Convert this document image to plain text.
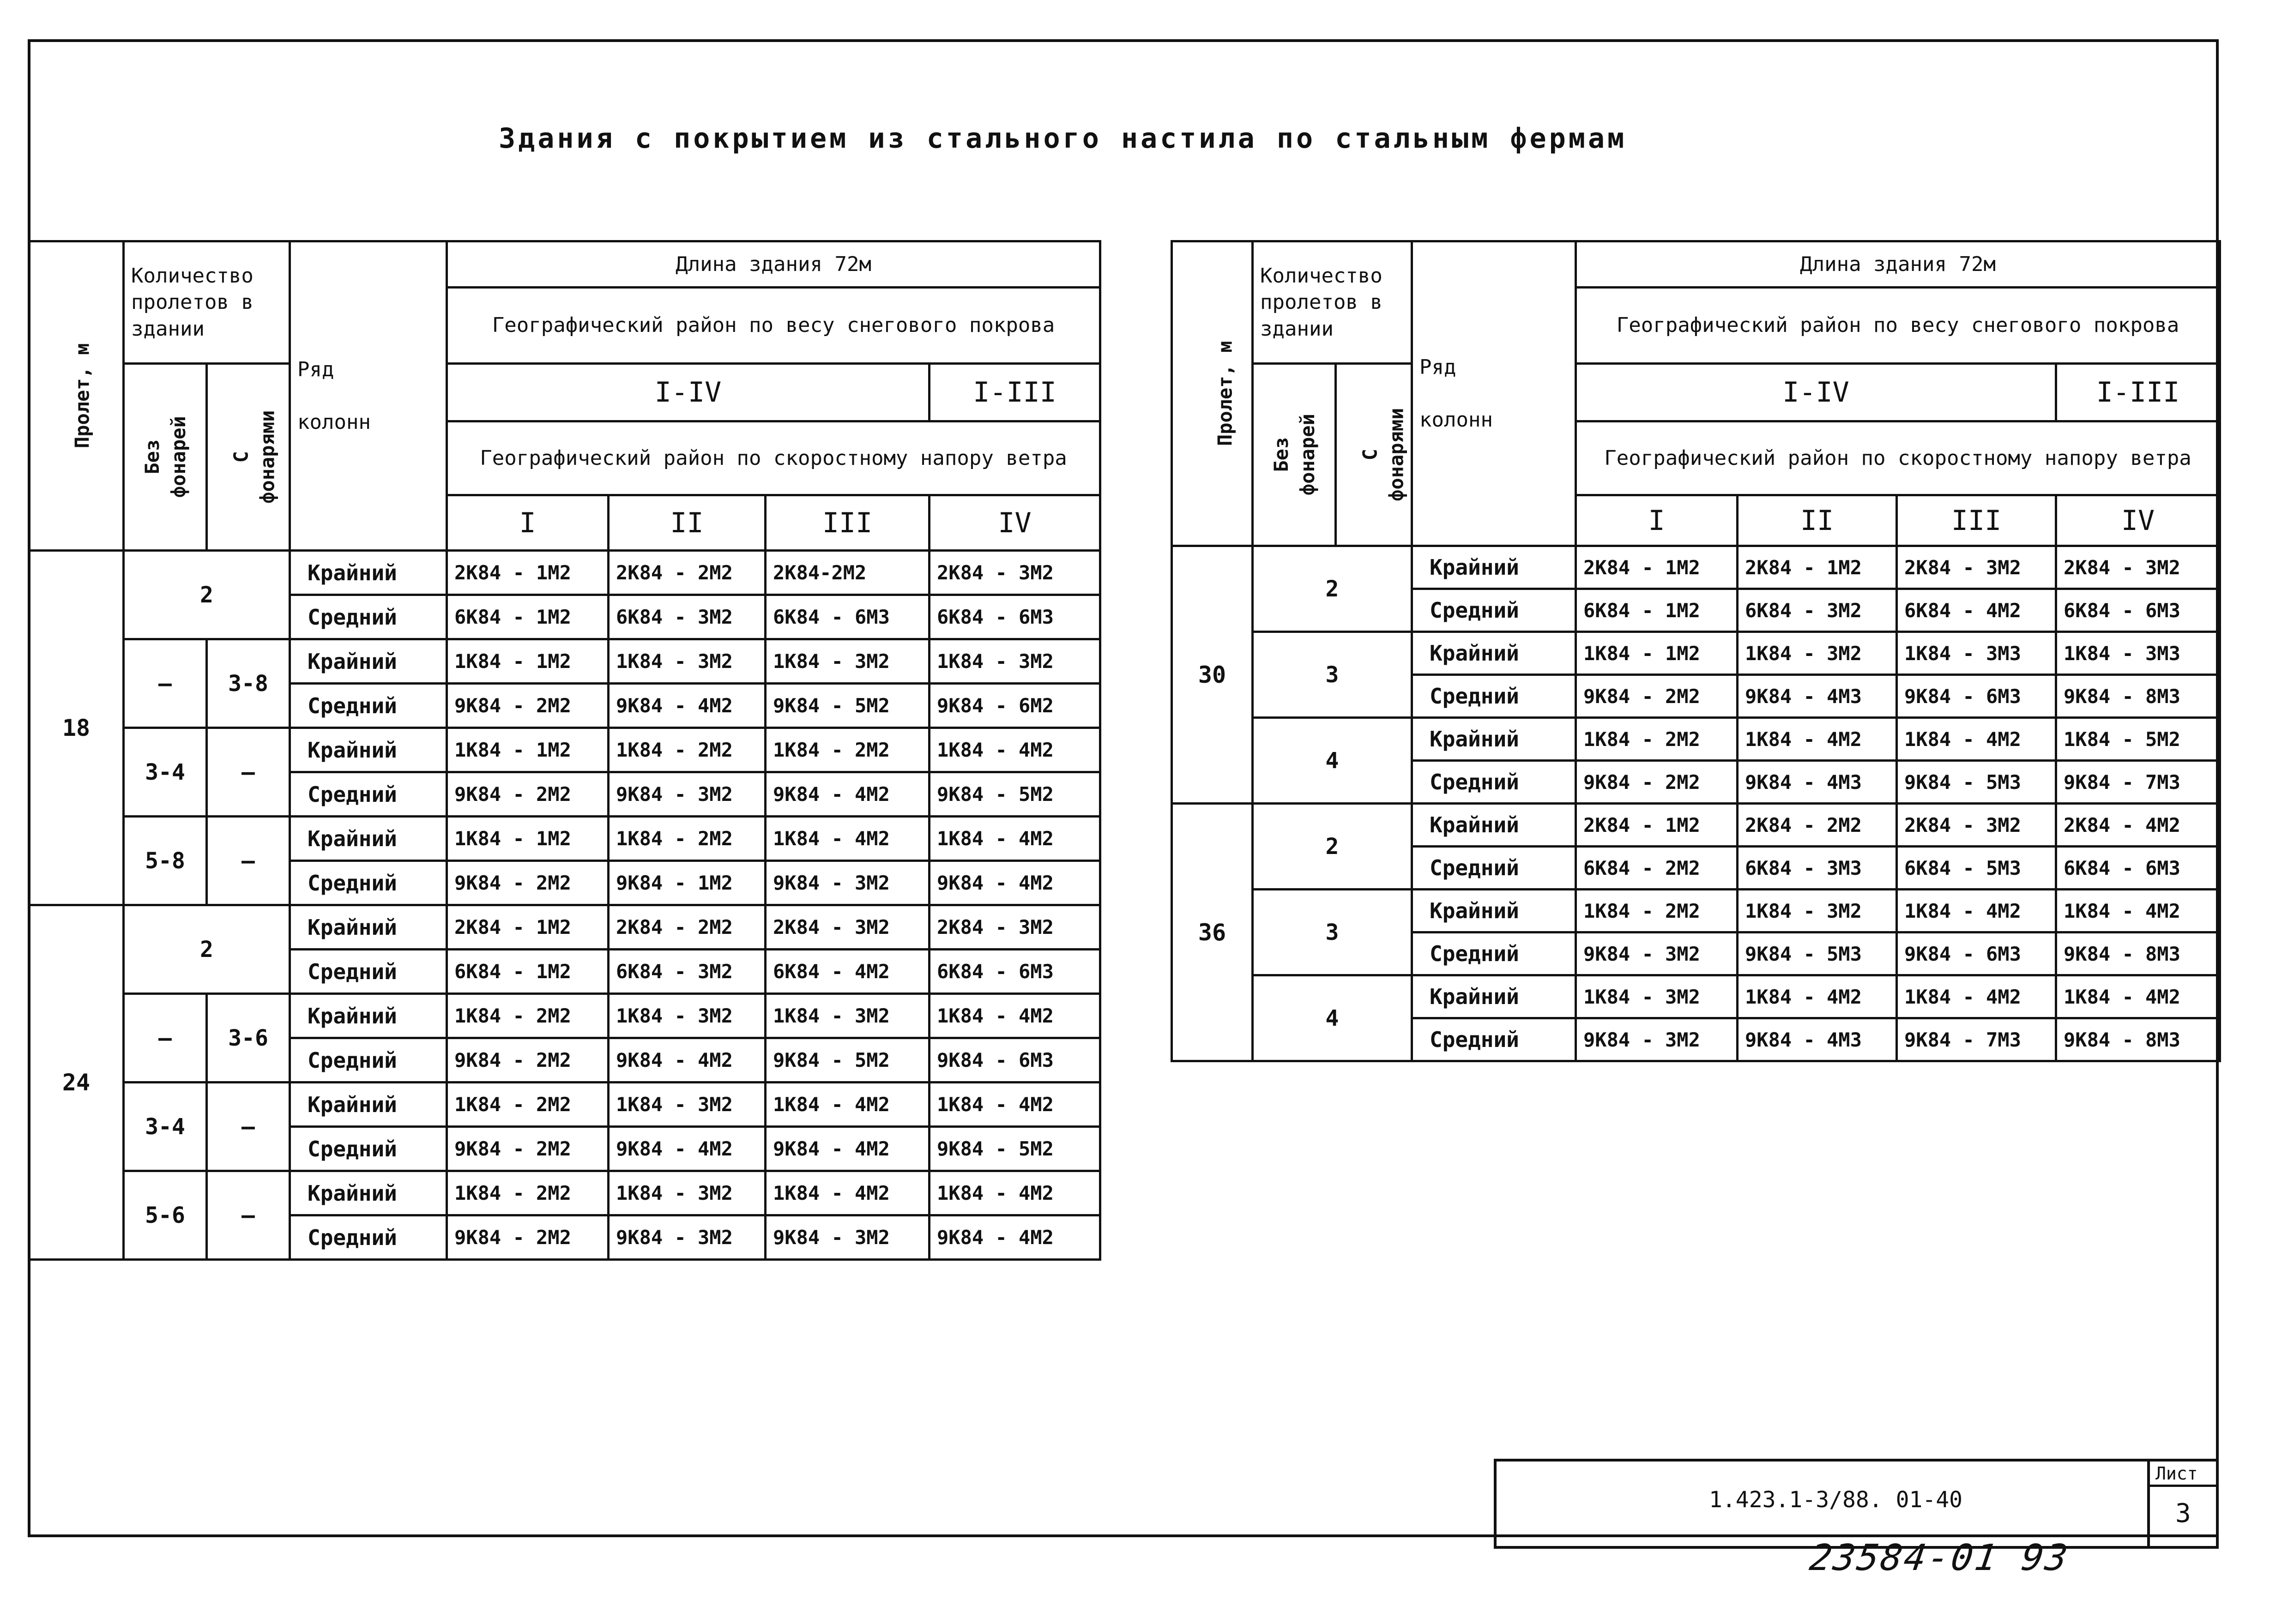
Здания с покрытием из стального настила по стальным фермам
Пролет, м	Количество пролетов в здании		Ряд

колонн	Длина здания 72м			
				Географический район по весу снегового покрова			

	Без фонарей	С фонарями		I-IV			I-III
				Географический район по скоростному напору ветра			
				I	II	III	IV
18	2		Крайний	2К84 - 1М2	2К84 - 2М2	2К84-2М2	2К84 - 3М2
			Средний	6К84 - 1М2	6К84 - 3М2	6К84 - 6М3	6К84 - 6М3
	—	3-8	Крайний	1К84 - 1М2	1К84 - 3М2	1К84 - 3М2	1К84 - 3М2
			Средний	9К84 - 2М2	9К84 - 4М2	9К84 - 5М2	9К84 - 6М2
	3-4	—	Крайний	1К84 - 1М2	1К84 - 2М2	1К84 - 2М2	1К84 - 4М2
			Средний	9К84 - 2М2	9К84 - 3М2	9К84 - 4М2	9К84 - 5М2
	5-8	—	Крайний	1К84 - 1М2	1К84 - 2М2	1К84 - 4М2	1К84 - 4М2
			Средний	9К84 - 2М2	9К84 - 1М2	9К84 - 3М2	9К84 - 4М2
24	2		Крайний	2К84 - 1М2	2К84 - 2М2	2К84 - 3М2	2К84 - 3М2
			Средний	6К84 - 1М2	6К84 - 3М2	6К84 - 4М2	6К84 - 6М3
	—	3-6	Крайний	1К84 - 2М2	1К84 - 3М2	1К84 - 3М2	1К84 - 4М2
			Средний	9К84 - 2М2	9К84 - 4М2	9К84 - 5М2	9К84 - 6М3
	3-4	—	Крайний	1К84 - 2М2	1К84 - 3М2	1К84 - 4М2	1К84 - 4М2
			Средний	9К84 - 2М2	9К84 - 4М2	9К84 - 4М2	9К84 - 5М2
	5-6	—	Крайний	1К84 - 2М2	1К84 - 3М2	1К84 - 4М2	1К84 - 4М2
			Средний	9К84 - 2М2	9К84 - 3М2	9К84 - 3М2	9К84 - 4М2
Пролет, м	Количество пролетов в здании		Ряд

колонн	Длина здания 72м			
				Географический район по весу снегового покрова			

	Без фонарей	С фонарями		I-IV			I-III
				Географический район по скоростному напору ветра			
				I	II	III	IV
30	2		Крайний	2К84 - 1М2	2К84 - 1М2	2К84 - 3М2	2К84 - 3М2
			Средний	6К84 - 1М2	6К84 - 3М2	6К84 - 4М2	6К84 - 6М3
	3		Крайний	1К84 - 1М2	1К84 - 3М2	1К84 - 3М3	1К84 - 3М3
			Средний	9К84 - 2М2	9К84 - 4М3	9К84 - 6М3	9К84 - 8М3
	4		Крайний	1К84 - 2М2	1К84 - 4М2	1К84 - 4М2	1К84 - 5М2
			Средний	9К84 - 2М2	9К84 - 4М3	9К84 - 5М3	9К84 - 7М3
36	2		Крайний	2К84 - 1М2	2К84 - 2М2	2К84 - 3М2	2К84 - 4М2
			Средний	6К84 - 2М2	6К84 - 3М3	6К84 - 5М3	6К84 - 6М3
	3		Крайний	1К84 - 2М2	1К84 - 3М2	1К84 - 4М2	1К84 - 4М2
			Средний	9К84 - 3М2	9К84 - 5М3	9К84 - 6М3	9К84 - 8М3
	4		Крайний	1К84 - 3М2	1К84 - 4М2	1К84 - 4М2	1К84 - 4М2
			Средний	9К84 - 3М2	9К84 - 4М3	9К84 - 7М3	9К84 - 8М3
1.423.1-3/88. 01-40
Лист
3
23584-01 93
